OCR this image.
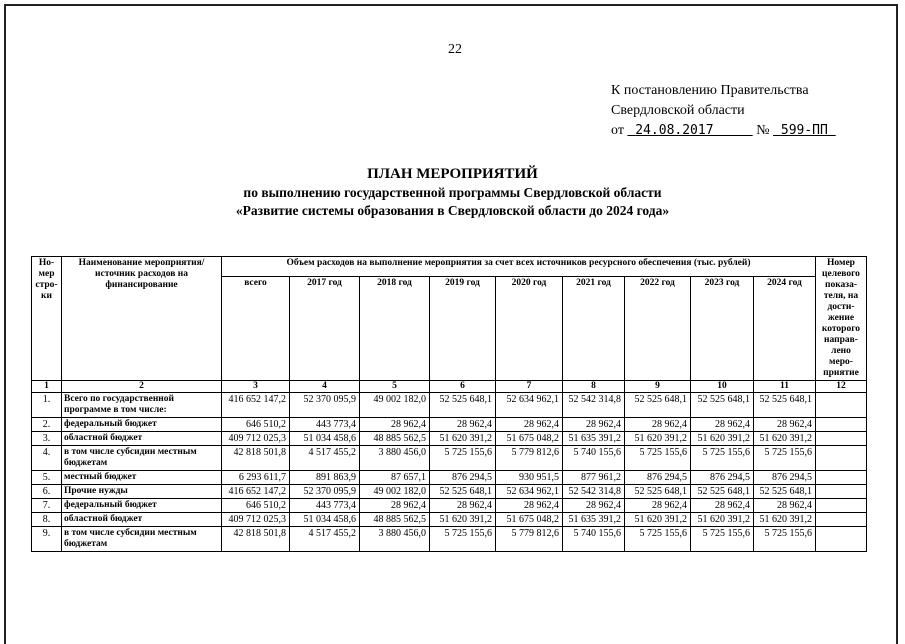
22
К постановлению Правительства
Свердловской области
от 24.08.2017	№ 599-ПП
ПЛАН МЕРОПРИЯТИЙ
по выполнению государственной программы Свердловской области
«Развитие системы образования в Свердловской области до 2024 года»
Но-мер стро-ки	Наименование мероприятия/ источник расходов на финансирование	Объем расходов на выполнение мероприятия за счет всех источников ресурсного обеспечения (тыс. рублей)									Номер целевого показа-теля, на дости-жение которого направ-лено меро-приятие
		всего	2017 год	2018 год	2019 год	2020 год	2021 год	2022 год	2023 год	2024 год	
1	2	3	4	5	6	7	8	9	10	11	12
1.	Всего по государственной программе в том числе:	416 652 147,2	52 370 095,9	49 002 182,0	52 525 648,1	52 634 962,1	52 542 314,8	52 525 648,1	52 525 648,1	52 525 648,1	
2.	федеральный бюджет	646 510,2	443 773,4	28 962,4	28 962,4	28 962,4	28 962,4	28 962,4	28 962,4	28 962,4	
3.	областной бюджет	409 712 025,3	51 034 458,6	48 885 562,5	51 620 391,2	51 675 048,2	51 635 391,2	51 620 391,2	51 620 391,2	51 620 391,2	
4.	в том числе субсидии местным бюджетам	42 818 501,8	4 517 455,2	3 880 456,0	5 725 155,6	5 779 812,6	5 740 155,6	5 725 155,6	5 725 155,6	5 725 155,6	
5.	местный бюджет	6 293 611,7	891 863,9	87 657,1	876 294,5	930 951,5	877 961,2	876 294,5	876 294,5	876 294,5	
6.	Прочие нужды	416 652 147,2	52 370 095,9	49 002 182,0	52 525 648,1	52 634 962,1	52 542 314,8	52 525 648,1	52 525 648,1	52 525 648,1	
7.	федеральный бюджет	646 510,2	443 773,4	28 962,4	28 962,4	28 962,4	28 962,4	28 962,4	28 962,4	28 962,4	
8.	областной бюджет	409 712 025,3	51 034 458,6	48 885 562,5	51 620 391,2	51 675 048,2	51 635 391,2	51 620 391,2	51 620 391,2	51 620 391,2	
9.	в том числе субсидии местным бюджетам	42 818 501,8	4 517 455,2	3 880 456,0	5 725 155,6	5 779 812,6	5 740 155,6	5 725 155,6	5 725 155,6	5 725 155,6	
